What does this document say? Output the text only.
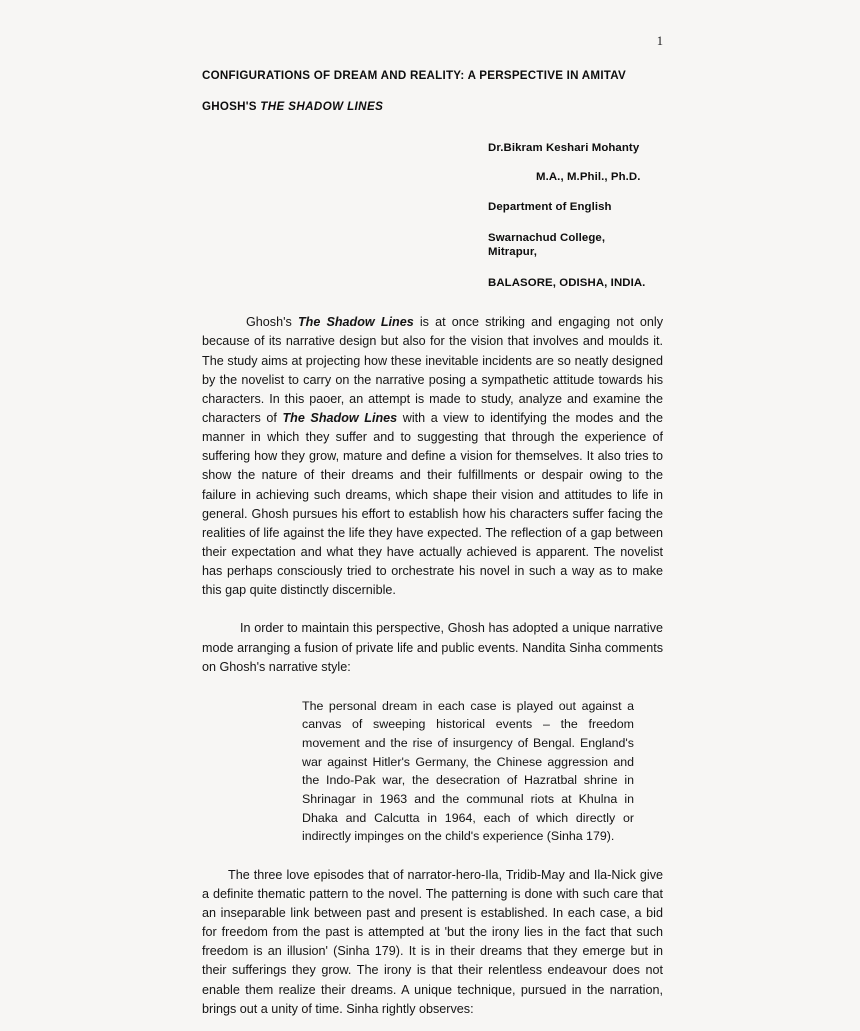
1
CONFIGURATIONS OF DREAM AND REALITY: A PERSPECTIVE IN AMITAV
GHOSH'S THE SHADOW LINES
Dr.Bikram Keshari Mohanty
M.A., M.Phil., Ph.D.
Department of English
Swarnachud College,
Mitrapur,
BALASORE, ODISHA, INDIA.

Ghosh's The Shadow Lines is at once striking and engaging not only because of its narrative design but also for the vision that involves and moulds it. The study aims at projecting how these inevitable incidents are so neatly designed by the novelist to carry on the narrative posing a sympathetic attitude towards his characters. In this paoer, an attempt is made to study, analyze and examine the characters of The Shadow Lines with a view to identifying the modes and the manner in which they suffer and to suggesting that through the experience of suffering how they grow, mature and define a vision for themselves. It also tries to show the nature of their dreams and their fulfillments or despair owing to the failure in achieving such dreams, which shape their vision and attitudes to life in general. Ghosh pursues his effort to establish how his characters suffer facing the realities of life against the life they have expected. The reflection of a gap between their expectation and what they have actually achieved is apparent. The novelist has perhaps consciously tried to orchestrate his novel in such a way as to make this gap quite distinctly discernible.

In order to maintain this perspective, Ghosh has adopted a unique narrative mode arranging a fusion of private life and public events. Nandita Sinha comments on Ghosh's narrative style:

The personal dream in each case is played out against a canvas of sweeping historical events – the freedom movement and the rise of insurgency of Bengal. England's war against Hitler's Germany, the Chinese aggression and the Indo-Pak war, the desecration of Hazratbal shrine in Shrinagar in 1963 and the communal riots at Khulna in Dhaka and Calcutta in 1964, each of which directly or indirectly impinges on the child's experience (Sinha 179).

The three love episodes that of narrator-hero-Ila, Tridib-May and Ila-Nick give a definite thematic pattern to the novel. The patterning is done with such care that an inseparable link between past and present is established. In each case, a bid for freedom from the past is attempted at 'but the irony lies in the fact that such freedom is an illusion' (Sinha 179). It is in their dreams that they emerge but in their sufferings they grow. The irony is that their relentless endeavour does not enable them realize their dreams. A unique technique, pursued in the narration, brings out a unity of time. Sinha rightly observes:
